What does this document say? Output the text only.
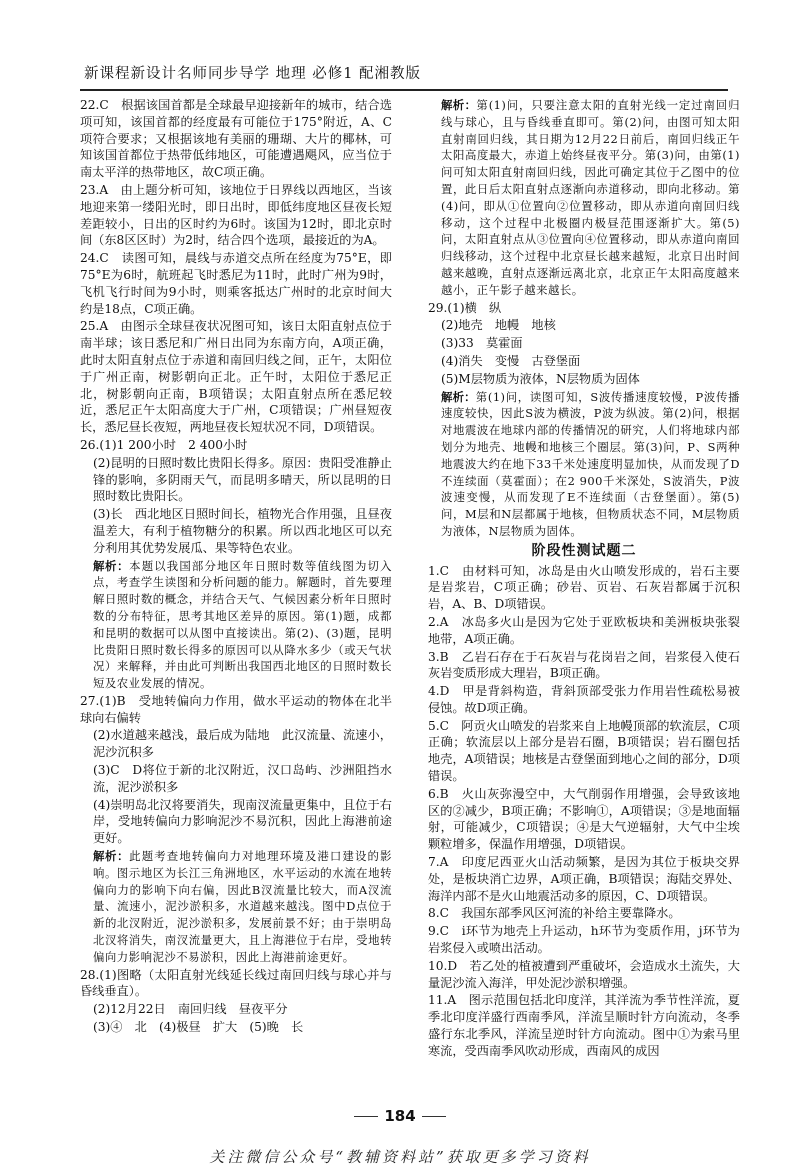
新课程新设计名师同步导学 地理 必修1 配湘教版

22.C　根据该国首都是全球最早迎接新年的城市，结合选项可知，该国首都的经度最有可能位于175°附近，A、C项符合要求；又根据该地有美丽的珊瑚、大片的椰林，可知该国首都位于热带低纬地区，可能遭遇飓风，应当位于南太平洋的热带地区，故C项正确。

23.A　由上题分析可知，该地位于日界线以西地区，当该地迎来第一缕阳光时，即日出时，即低纬度地区昼夜长短差距较小，日出的区时约为6时。该国为12时，即北京时间（东8区区时）为2时，结合四个选项，最接近的为A。

24.C　读图可知，晨线与赤道交点所在经度为75°E，即75°E为6时，航班起飞时悉尼为11时，此时广州为9时，飞机飞行时间为9小时，则乘客抵达广州时的北京时间大约是18点，C项正确。

25.A　由图示全球昼夜状况图可知，该日太阳直射点位于南半球；该日悉尼和广州日出同为东南方向，A项正确，此时太阳直射点位于赤道和南回归线之间，正午，太阳位于广州正南，树影朝向正北。正午时，太阳位于悉尼正北，树影朝向正南，B项错误；太阳直射点所在悉尼较近，悉尼正午太阳高度大于广州，C项错误；广州昼短夜长，悉尼昼长夜短，两地昼夜长短状况不同，D项错误。

26.(1)1 200小时　2 400小时

(2)昆明的日照时数比贵阳长得多。原因：贵阳受准静止锋的影响，多阴雨天气，而昆明多晴天，所以昆明的日照时数比贵阳长。

(3)长　西北地区日照时间长，植物光合作用强，且昼夜温差大，有利于植物糖分的积累。所以西北地区可以充分利用其优势发展瓜、果等特色农业。

解析：本题以我国部分地区年日照时数等值线图为切入点，考查学生读图和分析问题的能力。解题时，首先要理解日照时数的概念，并结合天气、气候因素分析年日照时数的分布特征，思考其地区差异的原因。第(1)题，成都和昆明的数据可以从图中直接读出。第(2)、(3)题，昆明比贵阳日照时数长得多的原因可以从降水多少（或天气状况）来解释，并由此可判断出我国西北地区的日照时数长短及农业发展的情况。

27.(1)B　受地转偏向力作用，做水平运动的物体在北半球向右偏转

(2)水道越来越浅，最后成为陆地　此汉流量、流速小，泥沙沉积多

(3)C　D将位于新的北汉附近，汉口岛屿、沙洲阻挡水流，泥沙淤积多

(4)崇明岛北汉将要消失，现南汊流量更集中，且位于右岸，受地转偏向力影响泥沙不易沉积，因此上海港前途更好。

解析：此题考查地转偏向力对地理环境及港口建设的影响。图示地区为长江三角洲地区，水平运动的水流在地转偏向力的影响下向右偏，因此B汊流量比较大，而A汊流量、流速小，泥沙淤积多，水道越来越浅。图中D点位于新的北汊附近，泥沙淤积多，发展前景不好；由于崇明岛北汊将消失，南汊流量更大，且上海港位于右岸，受地转偏向力影响泥沙不易淤积，因此上海港前途更好。

28.(1)图略（太阳直射光线延长线过南回归线与球心并与昏线垂直）。

(2)12月22日　南回归线　昼夜平分

(3)④　北　(4)极昼　扩大　(5)晚　长

解析：第(1)问，只要注意太阳的直射光线一定过南回归线与球心，且与昏线垂直即可。第(2)问，由图可知太阳直射南回归线，其日期为12月22日前后，南回归线正午太阳高度最大，赤道上始终昼夜平分。第(3)问，由第(1)问可知太阳直射南回归线，因此可确定其位于乙图中的位置，此日后太阳直射点逐渐向赤道移动，即向北移动。第(4)问，即从①位置向②位置移动，即从赤道向南回归线移动，这个过程中北极圈内极昼范围逐渐扩大。第(5)问，太阳直射点从③位置向④位置移动，即从赤道向南回归线移动，这个过程中北京昼长越来越短，北京日出时间越来越晚，直射点逐渐远离北京，北京正午太阳高度越来越小，正午影子越来越长。

29.(1)横　纵

(2)地壳　地幔　地核

(3)33　莫霍面

(4)消失　变慢　古登堡面

(5)M层物质为液体，N层物质为固体

解析：第(1)问，读图可知，S波传播速度较慢，P波传播速度较快，因此S波为横波，P波为纵波。第(2)问，根据对地震波在地球内部的传播情况的研究，人们将地球内部划分为地壳、地幔和地核三个圈层。第(3)问，P、S两种地震波大约在地下33千米处速度明显加快，从而发现了D不连续面（莫霍面）；在2 900千米深处，S波消失，P波波速变慢，从而发现了E不连续面（古登堡面）。第(5)问，M层和N层都属于地核，但物质状态不同，M层物质为液体，N层物质为固体。

阶段性测试题二

1.C　由材料可知，冰岛是由火山喷发形成的，岩石主要是岩浆岩，C项正确；砂岩、页岩、石灰岩都属于沉积岩，A、B、D项错误。

2.A　冰岛多火山是因为它处于亚欧板块和美洲板块张裂地带，A项正确。

3.B　乙岩石存在于石灰岩与花岗岩之间，岩浆侵入使石灰岩变质形成大理岩，B项正确。

4.D　甲是背斜构造，背斜顶部受张力作用岩性疏松易被侵蚀。故D项正确。

5.C　阿贡火山喷发的岩浆来自上地幔顶部的软流层，C项正确；软流层以上部分是岩石圈，B项错误；岩石圈包括地壳，A项错误；地核是古登堡面到地心之间的部分，D项错误。

6.B　火山灰弥漫空中，大气削弱作用增强，会导致该地区的②减少，B项正确；不影响①，A项错误；③是地面辐射，可能减少，C项错误；④是大气逆辐射，大气中尘埃颗粒增多，保温作用增强，D项错误。

7.A　印度尼西亚火山活动频繁，是因为其位于板块交界处，是板块消亡边界，A项正确，B项错误；海陆交界处、海洋内部不是火山地震活动多的原因，C、D项错误。

8.C　我国东部季风区河流的补给主要靠降水。

9.C　i环节为地壳上升运动，h环节为变质作用，j环节为岩浆侵入或喷出活动。

10.D　若乙处的植被遭到严重破坏，会造成水土流失，大量泥沙流入海洋，甲处泥沙淤积增强。

11.A　图示范围包括北印度洋，其洋流为季节性洋流，夏季北印度洋盛行西南季风，洋流呈顺时针方向流动，冬季盛行东北季风，洋流呈逆时针方向流动。图中①为索马里寒流，受西南季风吹动形成，西南风的成因

184
关注微信公众号“教辅资料站”获取更多学习资料
